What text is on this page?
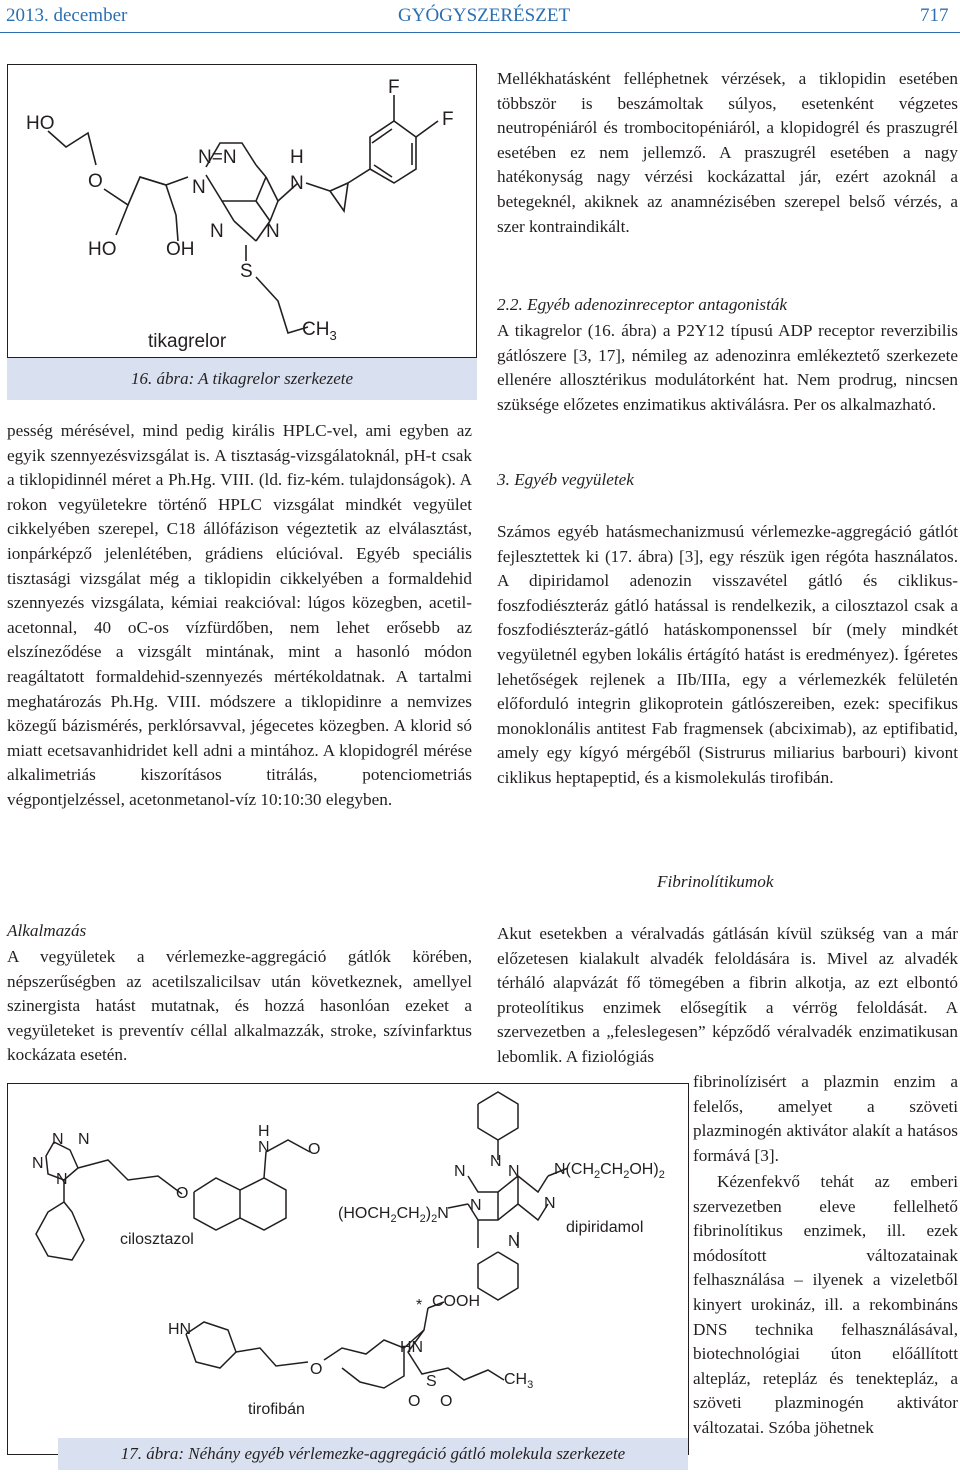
2013. december	GYÓGYSZERÉSZET	717
HO
O
HO	OH
N=N
N
N N
H
N
S
F
F
$CH_3$
tikagrelor
16. ábra: A tikagrelor szerkezete

pesség mérésével, mind pedig királis HPLC-vel, ami egyben az egyik szennyezésvizsgálat is. A tisztaság-vizsgálatoknál, pH-t csak a tiklopidinnél méret a Ph.Hg. VIII. (ld. fiz-kém. tulajdonságok). A rokon vegyületekre történő HPLC vizsgálat mindkét vegyület cikkelyében szerepel, C18 állófázison végeztetik az elválasztást, ionpárképző jelenlétében, grádiens elúcióval. Egyéb speciális tisztasági vizsgálat még a tiklopidin cikkelyében a formaldehid szennyezés vizsgálata, kémiai reakcióval: lúgos közegben, acetil-acetonnal, 40 oC-os vízfürdőben, nem lehet erősebb az elszíneződése a vizsgált mintának, mint a hasonló módon reagáltatott formaldehid-szennyezés mértékoldatnak. A tartalmi meghatározás Ph.Hg. VIII. módszere a tiklopidinre a nemvizes közegű bázismérés, perklórsavval, jégecetes közegben. A klorid só miatt ecetsavanhidridet kell adni a mintához. A klopidogrél mérése alkalimetriás kiszorításos titrálás, potenciometriás végpontjelzéssel, acetonmetanol-víz 10:10:30 elegyben.

Alkalmazás

A vegyületek a vérlemezke-aggregáció gátlók körében, népszerűségben az acetilszalicilsav után következnek, amellyel szinergista hatást mutatnak, és hozzá hasonlóan ezeket a vegyületeket is preventív céllal alkalmazzák, stroke, szívinfarktus kockázata esetén.

Mellékhatásként felléphetnek vérzések, a tiklopidin esetében többször is beszámoltak súlyos, esetenként végzetes neutropéniáról és trombocitopéniáról, a klopidogrél és praszugrél esetében ez nem jellemző. A praszugrél esetében a nagy hatékonyság nagy vérzési kockázattal jár, ezért azoknál a betegeknél, akiknek az anamnézisében szerepel belső vérzés, a szer kontraindikált.

2.2. Egyéb adenozinreceptor antagonisták

A tikagrelor (16. ábra) a P2Y12 típusú ADP receptor reverzibilis gátlószere [3, 17], némileg az adenozinra emlékeztető szerkezete ellenére allosztérikus modulátorként hat. Nem prodrug, nincsen szüksége előzetes enzimatikus aktiválásra. Per os alkalmazható.

3. Egyéb vegyületek

Számos egyéb hatásmechanizmusú vérlemezke-aggregáció gátlót fejlesztettek ki (17. ábra) [3], egy részük igen régóta használatos. A dipiridamol adenozin visszavétel gátló és ciklikus-foszfodiészteráz gátló hatással is rendelkezik, a cilosztazol csak a foszfodiészteráz-gátló hatáskomponenssel bír (mely mindkét vegyületnél egyben lokális értágító hatást is eredményez). Ígéretes lehetőségek rejlenek a IIb/IIIa, egy a vérlemezkék felületén előforduló integrin glikoprotein gátlószereiben, ezek: specifikus monoklonális antitest Fab fragmensek (abciximab), az eptifibatid, amely egy kígyó mérgéből (Sistrurus miliarius barbouri) kivont ciklikus heptapeptid, és a kismolekulás tirofibán.

Fibrinolítikumok

Akut esetekben a véralvadás gátlásán kívül szükség van a már előzetesen kialakult alvadék feloldására is. Mivel az alvadék térháló alapvázát fő tömegében a fibrin alkotja, az ezt elbontó proteolítikus enzimek elősegítik a vérrög feloldását. A szervezetben a „feleslegesen” képződő véralvadék enzimatikusan lebomlik. A fiziológiás

fibrinolízisért a plazmin enzim a felelős, amelyet a szöveti plazminogén aktivátor alakít a hatásos formává [3].

Kézenfekvő tehát az emberi szervezetben eleve fellelhető fibrinolítikus enzimek, ill. ezek módosított változatainak felhasználása – ilyenek a vizeletből kinyert urokináz, ill. a rekombináns DNS technika felhasználásával, biotechnológiai úton előállított altepláz, retepláz és tenektepláz, a szöveti plazminogén aktivátor változatai. Szóba jöhetnek

N N
N
N
O
H
N O
cilosztazol
N
N	N
N
N
N
$N(CH_2CH_2OH)_2$
$(HOCH_2CH_2)_2N$
dipiridamol
HN
O
* COOH
HN
S
O O
$CH_3$
tirofibán
17. ábra: Néhány egyéb vérlemezke-aggregáció gátló molekula szerkezete
